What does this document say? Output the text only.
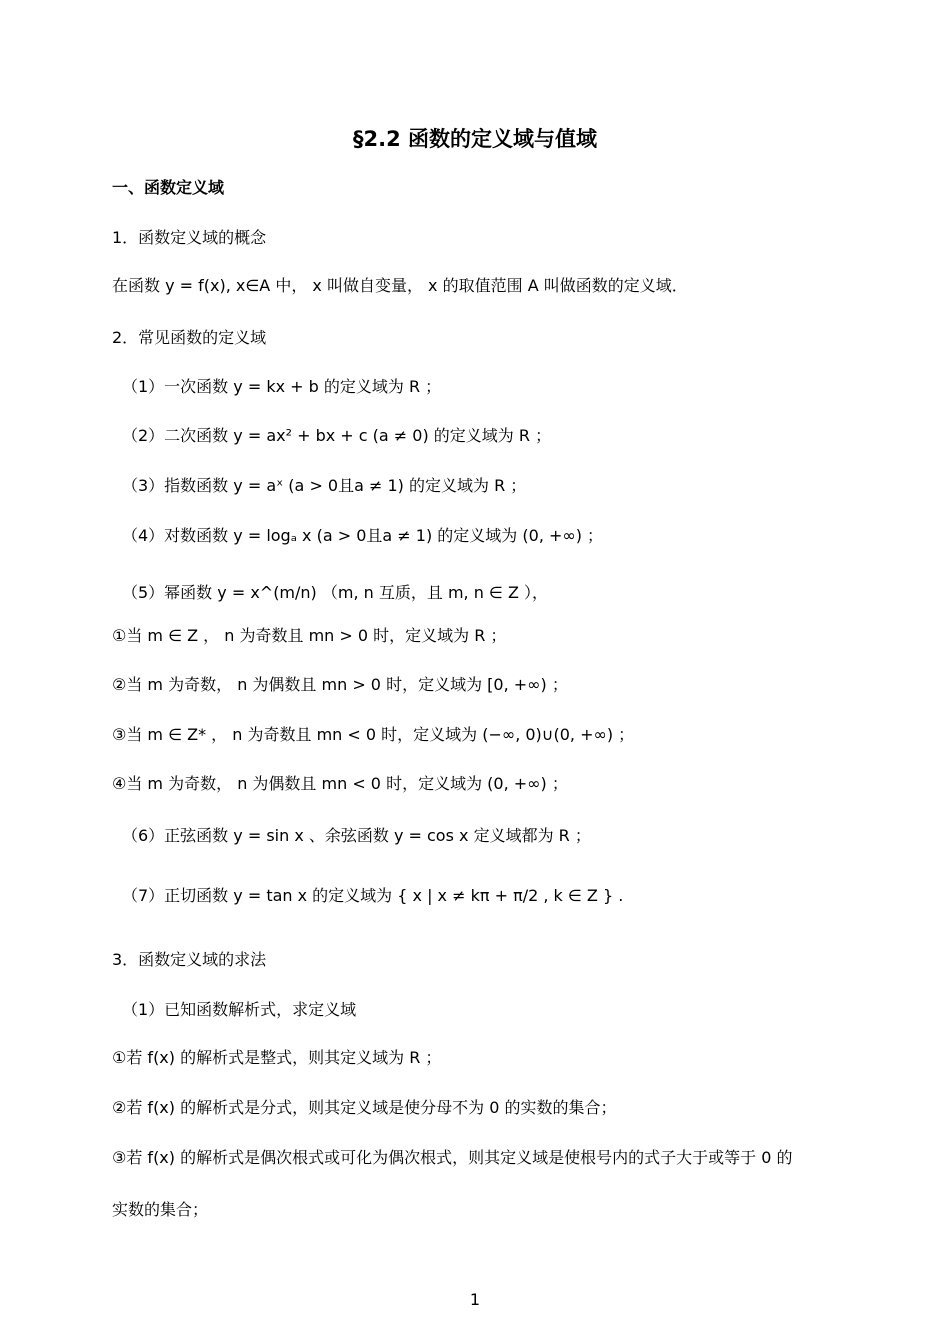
§2.2 函数的定义域与值域
一、函数定义域
1．函数定义域的概念
在函数 y = f(x), x∈A 中， x 叫做自变量， x 的取值范围 A 叫做函数的定义域．
2．常见函数的定义域
（1）一次函数 y = kx + b 的定义域为 R ；
（2）二次函数 y = ax² + bx + c (a ≠ 0) 的定义域为 R ；
（3）指数函数 y = aˣ (a > 0且a ≠ 1) 的定义域为 R ；
（4）对数函数 y = logₐ x (a > 0且a ≠ 1) 的定义域为 (0, +∞) ；
（5）幂函数 y = x^(m/n) （m, n 互质，且 m, n ∈ Z ），
①当 m ∈ Z ， n 为奇数且 mn > 0 时，定义域为 R ；
②当 m 为奇数， n 为偶数且 mn > 0 时，定义域为 [0, +∞) ；
③当 m ∈ Z* ， n 为奇数且 mn < 0 时，定义域为 (−∞, 0)∪(0, +∞) ；
④当 m 为奇数， n 为偶数且 mn < 0 时，定义域为 (0, +∞) ；
（6）正弦函数 y = sin x 、余弦函数 y = cos x 定义域都为 R ；
（7）正切函数 y = tan x 的定义域为 { x | x ≠ kπ + π/2 , k ∈ Z } .
3．函数定义域的求法
（1）已知函数解析式，求定义域
①若 f(x) 的解析式是整式，则其定义域为 R ；
②若 f(x) 的解析式是分式，则其定义域是使分母不为 0 的实数的集合；
③若 f(x) 的解析式是偶次根式或可化为偶次根式，则其定义域是使根号内的式子大于或等于 0 的
实数的集合；
1
